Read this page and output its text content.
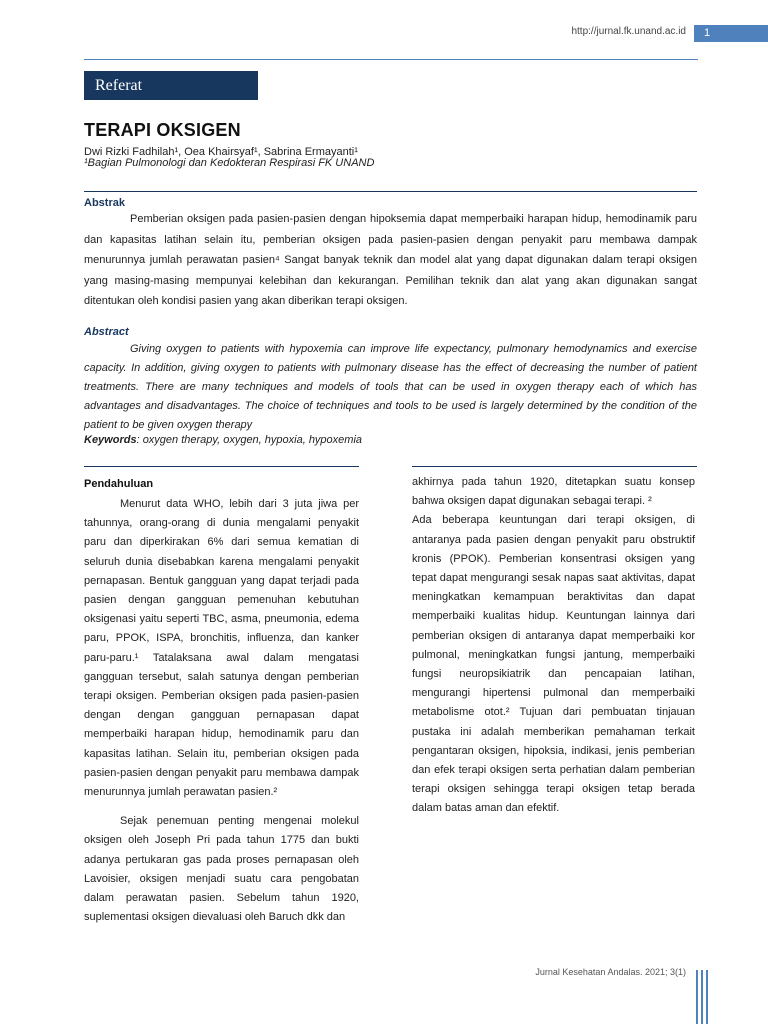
http://jurnal.fk.unand.ac.id	1
Referat
TERAPI OKSIGEN
Dwi Rizki Fadhilah¹, Oea Khairsyaf¹, Sabrina Ermayanti¹
¹Bagian Pulmonologi dan Kedokteran Respirasi FK UNAND
Abstrak
Pemberian oksigen pada pasien-pasien dengan hipoksemia dapat memperbaiki harapan hidup, hemodinamik paru dan kapasitas latihan selain itu, pemberian oksigen pada pasien-pasien dengan penyakit paru membawa dampak menurunnya jumlah perawatan pasien⁴ Sangat banyak teknik dan model alat yang dapat digunakan dalam terapi oksigen yang masing-masing mempunyai kelebihan dan kekurangan. Pemilihan teknik dan alat yang akan digunakan sangat ditentukan oleh kondisi pasien yang akan diberikan terapi oksigen.
Abstract
Giving oxygen to patients with hypoxemia can improve life expectancy, pulmonary hemodynamics and exercise capacity. In addition, giving oxygen to patients with pulmonary disease has the effect of decreasing the number of patient treatments. There are many techniques and models of tools that can be used in oxygen therapy each of which has advantages and disadvantages. The choice of techniques and tools to be used is largely determined by the condition of the patient to be given oxygen therapy
Keywords: oxygen therapy, oxygen, hypoxia, hypoxemia
Pendahuluan

Menurut data WHO, lebih dari 3 juta jiwa per tahunnya, orang-orang di dunia mengalami penyakit paru dan diperkirakan 6% dari semua kematian di seluruh dunia disebabkan karena mengalami penyakit pernapasan. Bentuk gangguan yang dapat terjadi pada pasien dengan gangguan pemenuhan kebutuhan oksigenasi yaitu seperti TBC, asma, pneumonia, edema paru, PPOK, ISPA, bronchitis, influenza, dan kanker paru-paru.¹ Tatalaksana awal dalam mengatasi gangguan tersebut, salah satunya dengan pemberian terapi oksigen. Pemberian oksigen pada pasien-pasien dengan dengan gangguan pernapasan dapat memperbaiki harapan hidup, hemodinamik paru dan kapasitas latihan. Selain itu, pemberian oksigen pada pasien-pasien dengan penyakit paru membawa dampak menurunnya jumlah perawatan pasien.²

Sejak penemuan penting mengenai molekul oksigen oleh Joseph Pri pada tahun 1775 dan bukti adanya pertukaran gas pada proses pernapasan oleh Lavoisier, oksigen menjadi suatu cara pengobatan dalam perawatan pasien. Sebelum tahun 1920, suplementasi oksigen dievaluasi oleh Baruch dkk dan

akhirnya pada tahun 1920, ditetapkan suatu konsep bahwa oksigen dapat digunakan sebagai terapi. ²

Ada beberapa keuntungan dari terapi oksigen, di antaranya pada pasien dengan penyakit paru obstruktif kronis (PPOK). Pemberian konsentrasi oksigen yang tepat dapat mengurangi sesak napas saat aktivitas, dapat meningkatkan kemampuan beraktivitas dan dapat memperbaiki kualitas hidup. Keuntungan lainnya dari pemberian oksigen di antaranya dapat memperbaiki kor pulmonal, meningkatkan fungsi jantung, memperbaiki fungsi neuropsikiatrik dan pencapaian latihan, mengurangi hipertensi pulmonal dan memperbaiki metabolisme otot.² Tujuan dari pembuatan tinjauan pustaka ini adalah memberikan pemahaman terkait pengantaran oksigen, hipoksia, indikasi, jenis pemberian dan efek terapi oksigen serta perhatian dalam pemberian terapi oksigen sehingga terapi oksigen tetap berada dalam batas aman dan efektif.

Jurnal Kesehatan Andalas. 2021; 3(1)
